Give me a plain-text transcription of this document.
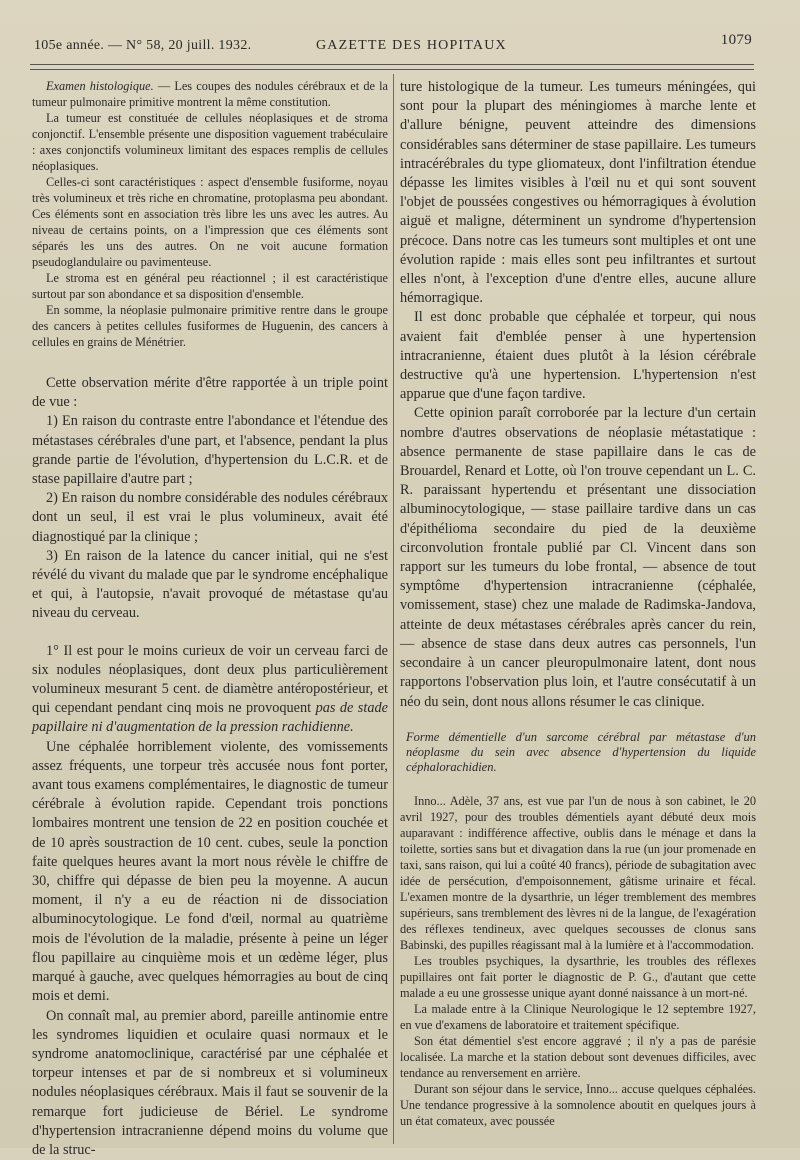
105e année. — N° 58, 20 juill. 1932.	GAZETTE DES HOPITAUX	1079

Examen histologique. — Les coupes des nodules cérébraux et de la tumeur pulmonaire primitive montrent la même constitution.

La tumeur est constituée de cellules néoplasiques et de stroma conjonctif. L'ensemble présente une disposition vaguement trabéculaire : axes conjonctifs volumineux limitant des espaces remplis de cellules néoplasiques.

Celles-ci sont caractéristiques : aspect d'ensemble fusiforme, noyau très volumineux et très riche en chromatine, protoplasma peu abondant. Ces éléments sont en association très libre les uns avec les autres. Au niveau de certains points, on a l'impression que ces éléments sont séparés les uns des autres. On ne voit aucune formation pseudoglandulaire ou pavimenteuse.

Le stroma est en général peu réactionnel ; il est caractéristique surtout par son abondance et sa disposition d'ensemble.

En somme, la néoplasie pulmonaire primitive rentre dans le groupe des cancers à petites cellules fusiformes de Huguenin, des cancers à cellules en grains de Ménétrier.

Cette observation mérite d'être rapportée à un triple point de vue :

1) En raison du contraste entre l'abondance et l'étendue des métastases cérébrales d'une part, et l'absence, pendant la plus grande partie de l'évolution, d'hypertension du L.C.R. et de stase papillaire d'autre part ;

2) En raison du nombre considérable des nodules cérébraux dont un seul, il est vrai le plus volumineux, avait été diagnostiqué par la clinique ;

3) En raison de la latence du cancer initial, qui ne s'est révélé du vivant du malade que par le syndrome encéphalique et qui, à l'autopsie, n'avait provoqué de métastase qu'au niveau du cerveau.

1° Il est pour le moins curieux de voir un cerveau farci de six nodules néoplasiques, dont deux plus particulièrement volumineux mesurant 5 cent. de diamètre antéropostérieur, et qui cependant pendant cinq mois ne provoquent pas de stade papillaire ni d'augmentation de la pression rachidienne.

Une céphalée horriblement violente, des vomissements assez fréquents, une torpeur très accusée nous font porter, avant tous examens complémentaires, le diagnostic de tumeur cérébrale à évolution rapide. Cependant trois ponctions lombaires montrent une tension de 22 en position couchée et de 10 après soustraction de 10 cent. cubes, seule la ponction faite quelques heures avant la mort nous révèle le chiffre de 30, chiffre qui dépasse de bien peu la moyenne. A aucun moment, il n'y a eu de réaction ni de dissociation albuminocytologique. Le fond d'œil, normal au quatrième mois de l'évolution de la maladie, présente à peine un léger flou papillaire au cinquième mois et un œdème léger, plus marqué à gauche, avec quelques hémorragies au bout de cinq mois et demi.

On connaît mal, au premier abord, pareille antinomie entre les syndromes liquidien et oculaire quasi normaux et le syndrome anatomoclinique, caractérisé par une céphalée et torpeur intenses et par de si nombreux et si volumineux nodules néoplasiques cérébraux. Mais il faut se souvenir de la remarque fort judicieuse de Bériel. Le syndrome d'hypertension intracranienne dépend moins du volume que de la struc-

ture histologique de la tumeur. Les tumeurs méningées, qui sont pour la plupart des méningiomes à marche lente et d'allure bénigne, peuvent atteindre des dimensions considérables sans déterminer de stase papillaire. Les tumeurs intracérébrales du type gliomateux, dont l'infiltration étendue dépasse les limites visibles à l'œil nu et qui sont souvent l'objet de poussées congestives ou hémorragiques à évolution aiguë et maligne, déterminent un syndrome d'hypertension précoce. Dans notre cas les tumeurs sont multiples et ont une évolution rapide : mais elles sont peu infiltrantes et surtout elles n'ont, à l'exception d'une d'entre elles, aucune allure hémorragique.

Il est donc probable que céphalée et torpeur, qui nous avaient fait d'emblée penser à une hypertension intracranienne, étaient dues plutôt à la lésion cérébrale destructive qu'à une hypertension. L'hypertension n'est apparue que d'une façon tardive.

Cette opinion paraît corroborée par la lecture d'un certain nombre d'autres observations de néoplasie métastatique : absence permanente de stase papillaire dans le cas de Brouardel, Renard et Lotte, où l'on trouve cependant un L. C. R. paraissant hypertendu et présentant une dissociation albuminocytologique, — stase paillaire tardive dans un cas d'épithélioma secondaire du pied de la deuxième circonvolution frontale publié par Cl. Vincent dans son rapport sur les tumeurs du lobe frontal, — absence de tout symptôme d'hypertension intracranienne (céphalée, vomissement, stase) chez une malade de Radimska-Jandova, atteinte de deux métastases cérébrales après cancer du rein, — absence de stase dans deux autres cas personnels, l'un secondaire à un cancer pleuropulmonaire latent, dont nous rapportons l'observation plus loin, et l'autre consécutatif à un néo du sein, dont nous allons résumer le cas clinique.

Forme démentielle d'un sarcome cérébral par métastase d'un néoplasme du sein avec absence d'hypertension du liquide céphalorachidien.

Inno... Adèle, 37 ans, est vue par l'un de nous à son cabinet, le 20 avril 1927, pour des troubles démentiels ayant débuté deux mois auparavant : indifférence affective, oublis dans le ménage et dans la toilette, sorties sans but et divagation dans la rue (un jour promenade en taxi, sans raison, qui lui a coûté 40 francs), période de subagitation avec idée de persécution, d'empoisonnement, gâtisme urinaire et fécal. L'examen montre de la dysarthrie, un léger tremblement des membres supérieurs, sans tremblement des lèvres ni de la langue, de l'exagération des réflexes tendineux, avec quelques secousses de clonus sans Babinski, des pupilles réagissant mal à la lumière et à l'accommodation.

Les troubles psychiques, la dysarthrie, les troubles des réflexes pupillaires ont fait porter le diagnostic de P. G., d'autant que cette malade a eu une grossesse unique ayant donné naissance à un mort-né.

La malade entre à la Clinique Neurologique le 12 septembre 1927, en vue d'examens de laboratoire et traitement spécifique.

Son état démentiel s'est encore aggravé ; il n'y a pas de parésie localisée. La marche et la station debout sont devenues difficiles, avec tendance au renversement en arrière.

Durant son séjour dans le service, Inno... accuse quelques céphalées. Une tendance progressive à la somnolence aboutit en quelques jours à un état comateux, avec poussée
